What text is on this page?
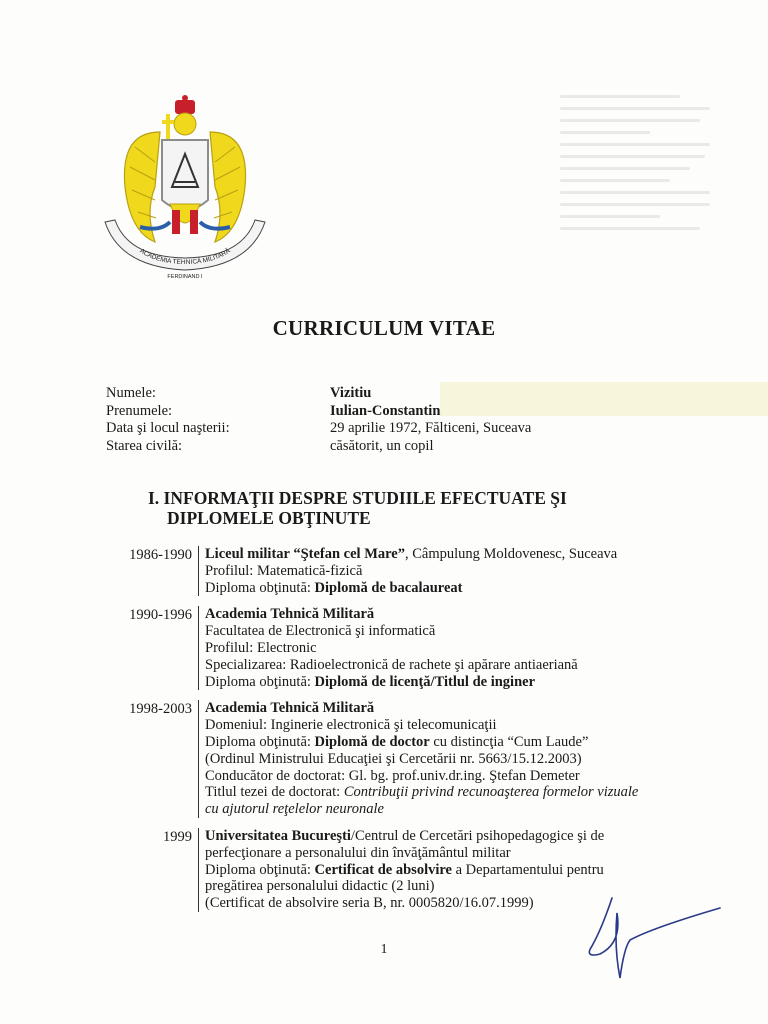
ACADEMIA TEHNICĂ MILITARĂ
FERDINAND I
CURRICULUM VITAE
Numele:	Vizitiu
Prenumele:	Iulian-Constantin
Data şi locul naşterii:	29 aprilie 1972, Fălticeni, Suceava
Starea civilă:	căsătorit, un copil
I. INFORMAŢII DESPRE STUDIILE EFECTUATE ŞI
DIPLOMELE OBŢINUTE
1986-1990 Liceul militar “Ştefan cel Mare”, Câmpulung Moldovenesc, Suceava
Profilul: Matematică-fizică
Diploma obţinută: Diplomă de bacalaureat
1990-1996 Academia Tehnică Militară
Facultatea de Electronică şi informatică
Profilul: Electronic
Specializarea: Radioelectronică de rachete şi apărare antiaeriană
Diploma obţinută: Diplomă de licenţă/Titlul de inginer
1998-2003 Academia Tehnică Militară
Domeniul: Inginerie electronică şi telecomunicaţii
Diploma obţinută: Diplomă de doctor cu distincţia “Cum Laude”
(Ordinul Ministrului Educaţiei şi Cercetării nr. 5663/15.12.2003)
Conducător de doctorat: Gl. bg. prof.univ.dr.ing. Ştefan Demeter
Titlul tezei de doctorat: Contribuţii privind recunoaşterea formelor vizuale
cu ajutorul reţelelor neuronale
1999 Universitatea Bucureşti/Centrul de Cercetări psihopedagogice şi de
perfecţionare a personalului din învăţământul militar
Diploma obţinută: Certificat de absolvire a Departamentului pentru
pregătirea personalului didactic (2 luni)
(Certificat de absolvire seria B, nr. 0005820/16.07.1999)
1
